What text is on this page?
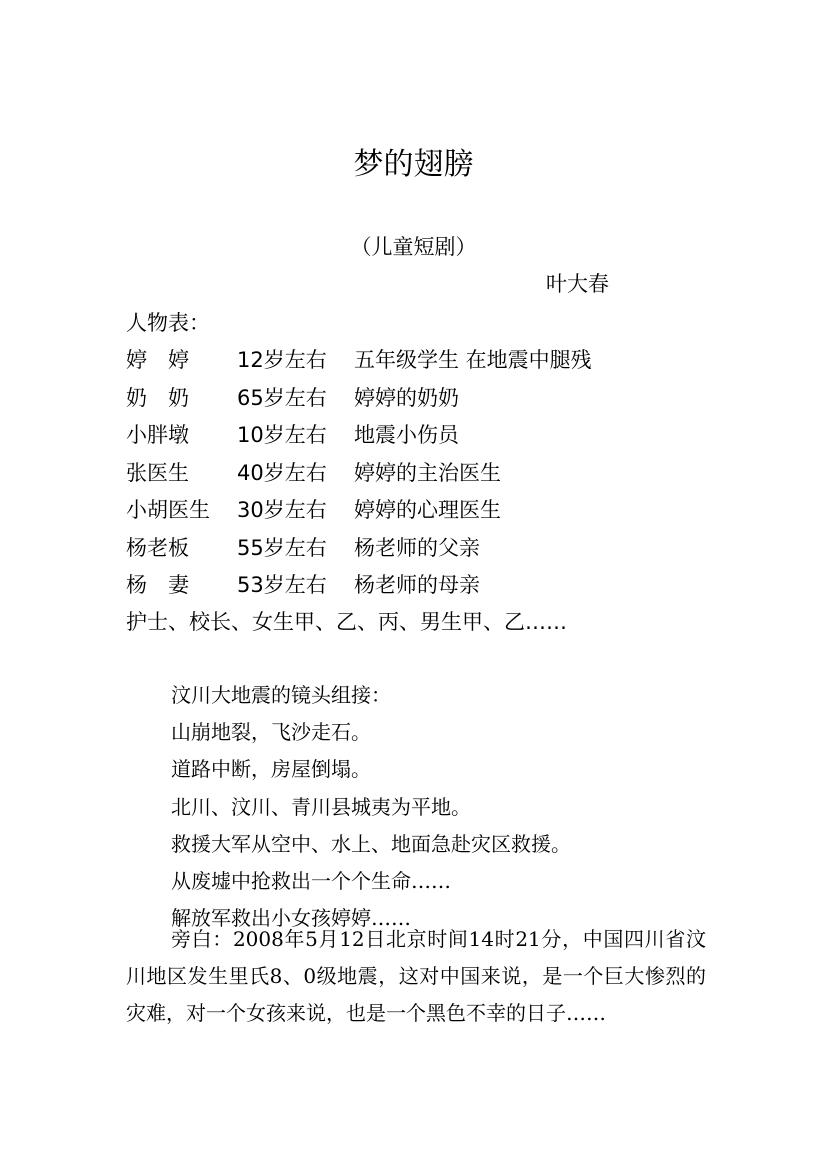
梦的翅膀
（儿童短剧）
叶大春
人物表：
婷　婷 12岁左右 五年级学生 在地震中腿残
奶　奶 65岁左右 婷婷的奶奶
小胖墩 10岁左右 地震小伤员
张医生 40岁左右 婷婷的主治医生
小胡医生 30岁左右 婷婷的心理医生
杨老板 55岁左右 杨老师的父亲
杨　妻 53岁左右 杨老师的母亲
护士、校长、女生甲、乙、丙、男生甲、乙……
汶川大地震的镜头组接：
山崩地裂，飞沙走石。
道路中断，房屋倒塌。
北川、汶川、青川县城夷为平地。
救援大军从空中、水上、地面急赴灾区救援。
从废墟中抢救出一个个生命……
解放军救出小女孩婷婷……

旁白：2008年5月12日北京时间14时21分，中国四川省汶川地区发生里氏8、0级地震，这对中国来说，是一个巨大惨烈的灾难，对一个女孩来说，也是一个黑色不幸的日子……
